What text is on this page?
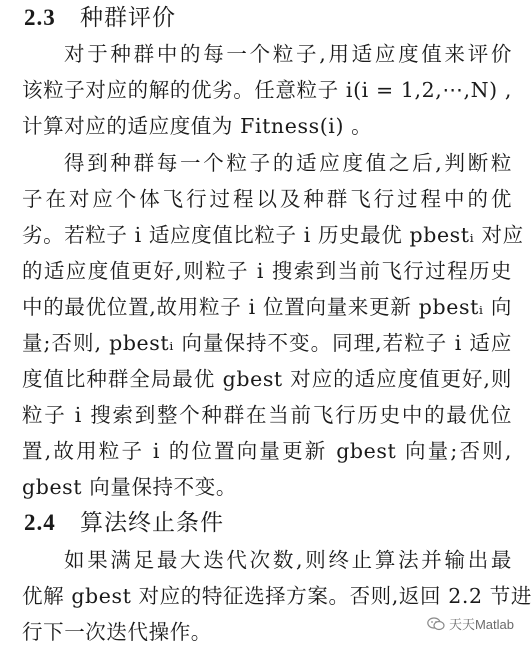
2.3 种群评价
对于种群中的每一个粒子,用适应度值来评价
该粒子对应的解的优劣。任意粒子 i(i = 1,2,⋯,N) ,
计算对应的适应度值为 Fitness(i) 。
得到种群每一个粒子的适应度值之后,判断粒
子在对应个体飞行过程以及种群飞行过程中的优
劣。若粒子 i 适应度值比粒子 i 历史最优 pbestᵢ 对应
的适应度值更好,则粒子 i 搜索到当前飞行过程历史
中的最优位置,故用粒子 i 位置向量来更新 pbestᵢ 向
量;否则, pbestᵢ 向量保持不变。同理,若粒子 i 适应
度值比种群全局最优 gbest 对应的适应度值更好,则
粒子 i 搜索到整个种群在当前飞行历史中的最优位
置,故用粒子 i 的位置向量更新 gbest 向量;否则,
gbest 向量保持不变。
2.4 算法终止条件
如果满足最大迭代次数,则终止算法并输出最
优解 gbest 对应的特征选择方案。否则,返回 2.2 节进
行下一次迭代操作。	天天Matlab
